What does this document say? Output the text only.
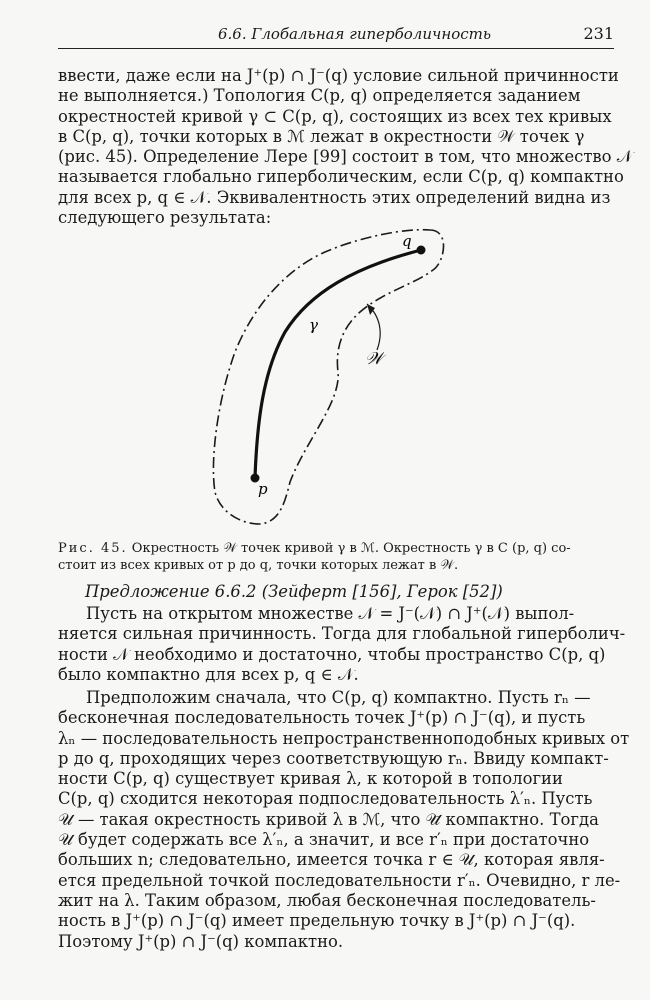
6.6. Глобальная гиперболичность	231
ввести, даже если на J⁺(p) ∩ J⁻(q) условие сильной причинности
не выполняется.) Топология C(p, q) определяется заданием
окрестностей кривой γ ⊂ C(p, q), состоящих из всех тех кривых
в C(p, q), точки которых в ℳ лежат в окрестности 𝒲 точек γ
(рис. 45). Определение Лере [99] состоит в том, что множество 𝒩
называется глобально гиперболическим, если C(p, q) компактно
для всех p, q ∈ 𝒩. Эквивалентность этих определений видна из
следующего результата:
q
p
γ
𝒲
Рис. 45. Окрестность 𝒲 точек кривой γ в ℳ. Окрестность γ в C (p, q) со-
стоит из всех кривых от p до q, точки которых лежат в 𝒲.
Предложение 6.6.2 (Зейферт [156], Герок [52])
Пусть на открытом множестве 𝒩 = J⁻(𝒩) ∩ J⁺(𝒩) выпол-
няется сильная причинность. Тогда для глобальной гиперболич-
ности 𝒩 необходимо и достаточно, чтобы пространство C(p, q)
было компактно для всех p, q ∈ 𝒩.
Предположим сначала, что C(p, q) компактно. Пусть rₙ —
бесконечная последовательность точек J⁺(p) ∩ J⁻(q), и пусть
λₙ — последовательность непространственноподобных кривых от
p до q, проходящих через соответствующую rₙ. Ввиду компакт-
ности C(p, q) существует кривая λ, к которой в топологии
C(p, q) сходится некоторая подпоследовательность λ′ₙ. Пусть
𝒰 — такая окрестность кривой λ в ℳ, что 𝒰̄ компактно. Тогда
𝒰 будет содержать все λ′ₙ, а значит, и все r′ₙ при достаточно
больших n; следовательно, имеется точка r ∈ 𝒰, которая явля-
ется предельной точкой последовательности r′ₙ. Очевидно, r ле-
жит на λ. Таким образом, любая бесконечная последователь-
ность в J⁺(p) ∩ J⁻(q) имеет предельную точку в J⁺(p) ∩ J⁻(q).
Поэтому J⁺(p) ∩ J⁻(q) компактно.
